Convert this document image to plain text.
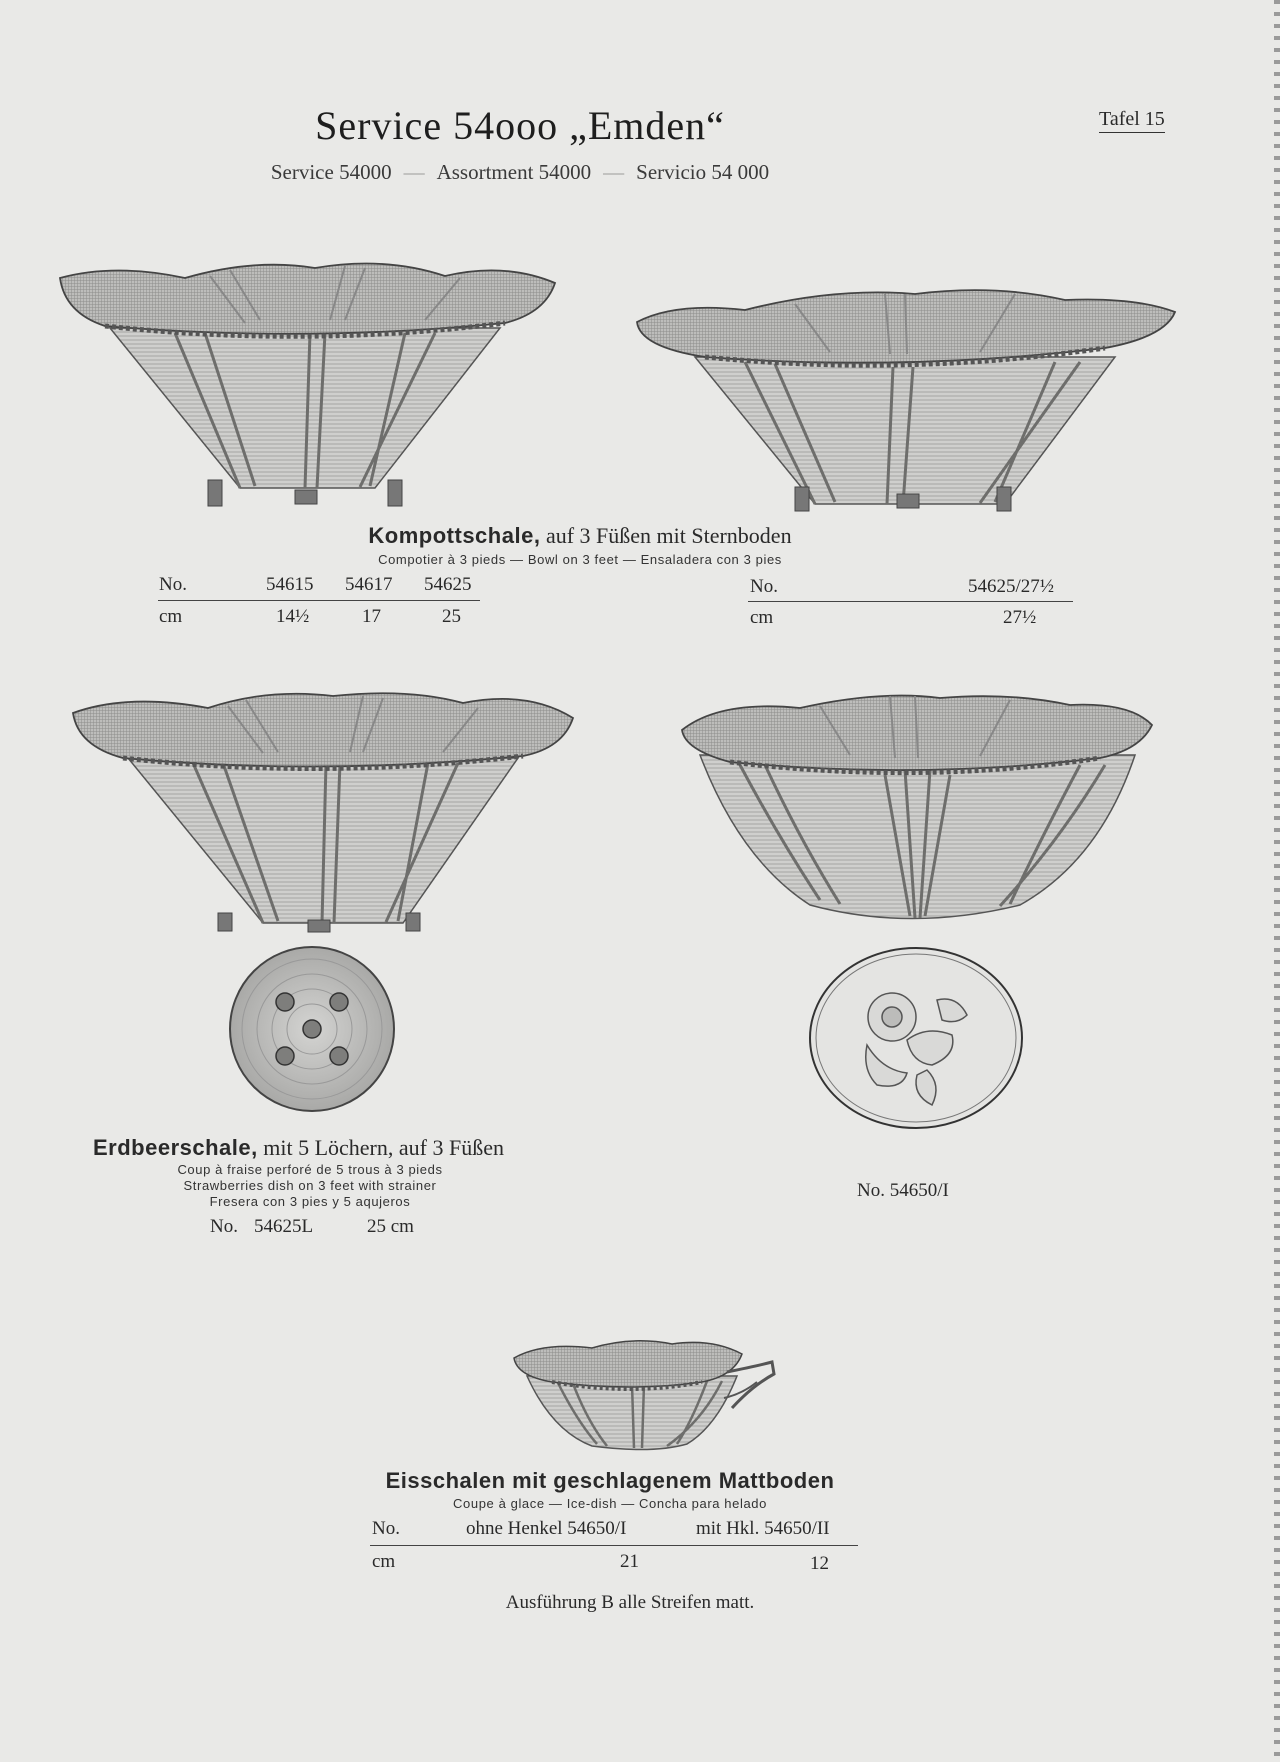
Service 54ooo „Emden“
Service 54000 — Assortment 54000 — Servicio 54 000
Tafel 15
Kompottschale, auf 3 Füßen mit Sternboden
Compotier à 3 pieds — Bowl on 3 feet — Ensaladera con 3 pies
No.	54615 54617 54625
cm	14½	17	25
No.	54625/27½
cm	27½
Erdbeerschale, mit 5 Löchern, auf 3 Füßen
Coup à fraise perforé de 5 trous à 3 pieds
Strawberries dish on 3 feet with strainer
Fresera con 3 pies y 5 aqujeros
No. 54625L	25 cm
No. 54650/I
Eisschalen mit geschlagenem Mattboden
Coupe à glace — Ice-dish — Concha para helado
No.	ohne Henkel 54650/I	mit Hkl. 54650/II
cm	21	12
Ausführung B alle Streifen matt.
